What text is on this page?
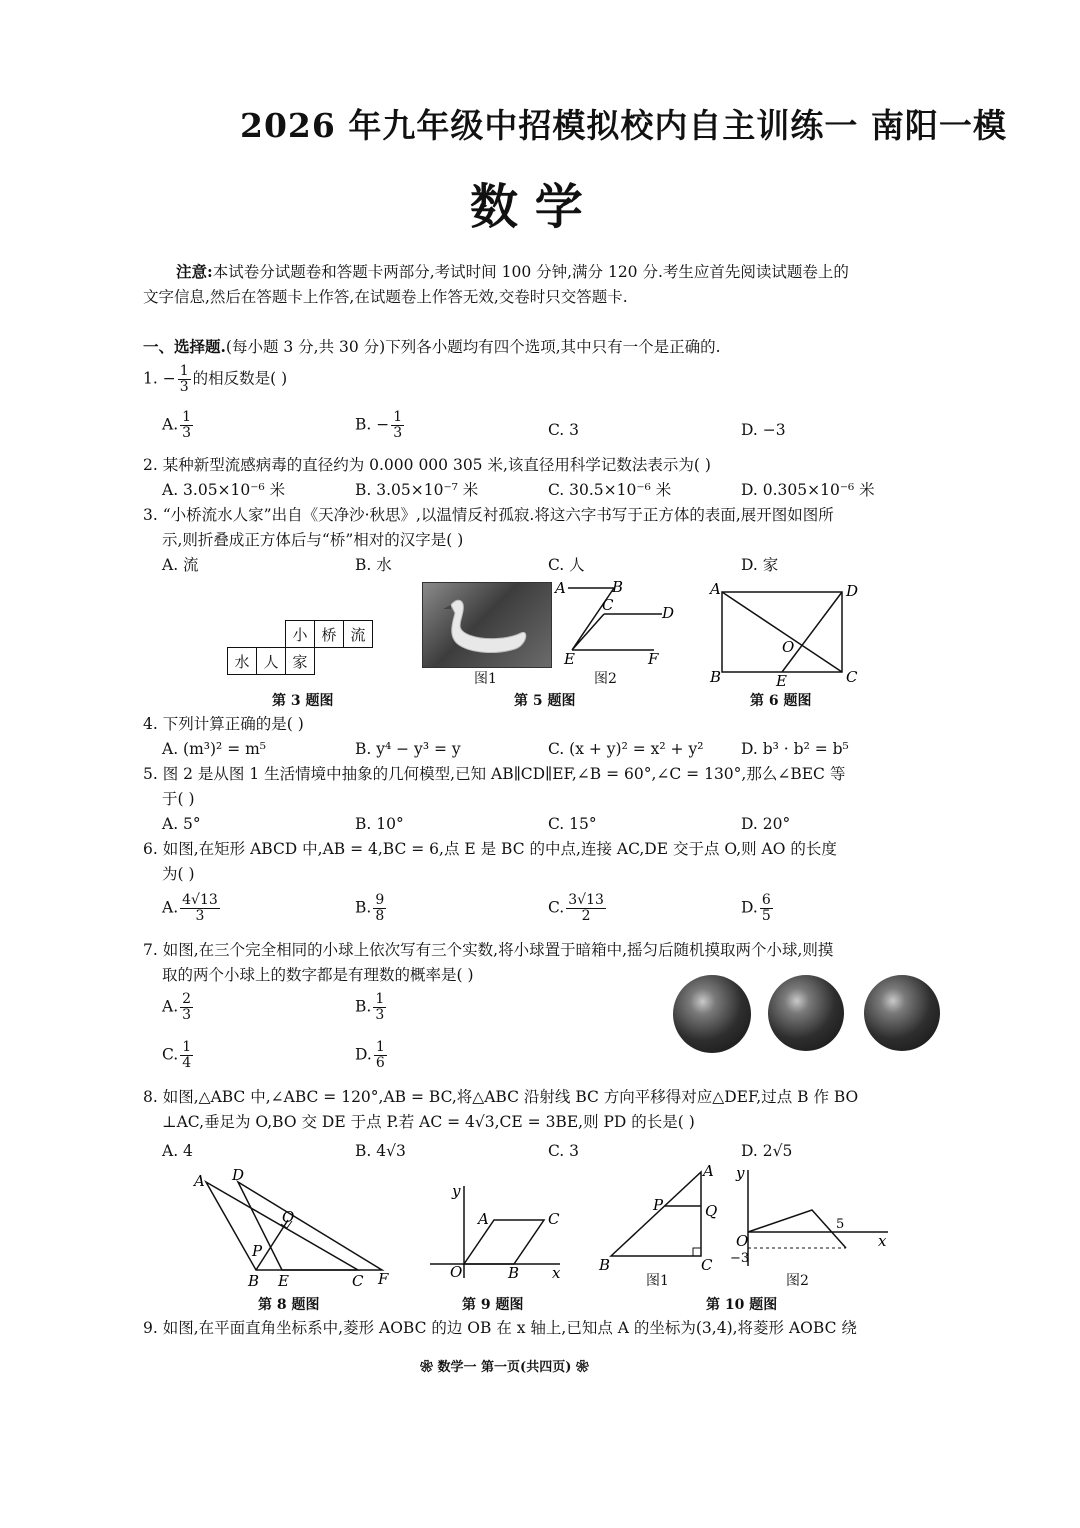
2026 年九年级中招模拟校内自主训练一 南阳一模
数 学
注意:本试卷分试题卷和答题卡两部分,考试时间 100 分钟,满分 120 分.考生应首先阅读试题卷上的
文字信息,然后在答题卡上作答,在试题卷上作答无效,交卷时只交答题卡.
一、选择题.(每小题 3 分,共 30 分)下列各小题均有四个选项,其中只有一个是正确的.
1. − $\frac{1}{3}$ 的相反数是( )
A. $\frac{1}{3}$	B. − $\frac{1}{3}$	C. 3	D. −3
2. 某种新型流感病毒的直径约为 0.000 000 305 米,该直径用科学记数法表示为( )
A. 3.05×10⁻⁶ 米	B. 3.05×10⁻⁷ 米	C. 30.5×10⁻⁶ 米	D. 0.305×10⁻⁶ 米
3. “小桥流水人家”出自《天净沙·秋思》,以温情反衬孤寂.将这六字书写于正方体的表面,展开图如图所
示,则折叠成正方体后与“桥”相对的汉字是( )
A. 流	B. 水	C. 人	D. 家
		小	桥	流
水	人	家		
第 3 题图
图1
A	B
C	D
E	F
图2
第 5 题图
A	D
B	C
E
O
第 6 题图
4. 下列计算正确的是( )
A. (m³)² = m⁵	B. y⁴ − y³ = y	C. (x + y)² = x² + y² D. b³ · b² = b⁵
5. 图 2 是从图 1 生活情境中抽象的几何模型,已知 AB∥CD∥EF,∠B = 60°,∠C = 130°,那么∠BEC 等
于( )
A. 5°	B. 10°	C. 15°	D. 20°
6. 如图,在矩形 ABCD 中,AB = 4,BC = 6,点 E 是 BC 的中点,连接 AC,DE 交于点 O,则 AO 的长度
为( )
A. $\frac{4√13}{3}$	B. $\frac{9}{8}$	C. $\frac{3√13}{2}$	D. $\frac{6}{5}$
7. 如图,在三个完全相同的小球上依次写有三个实数,将小球置于暗箱中,摇匀后随机摸取两个小球,则摸
取的两个小球上的数字都是有理数的概率是( )
A. $\frac{2}{3}$	B. $\frac{1}{3}$
C. $\frac{1}{4}$	D. $\frac{1}{6}$
8. 如图,△ABC 中,∠ABC = 120°,AB = BC,将△ABC 沿射线 BC 方向平移得对应△DEF,过点 B 作 BO
⊥AC,垂足为 O,BO 交 DE 于点 P.若 AC = 4√3,CE = 3BE,则 PD 的长是( )
A. 4	B. 4√3	C. 3	D. 2√5
A D
O
P
B E	C F
第 8 题图
y
x
O
A	C
B
第 9 题图
A
P	Q
B	C
图1
y
x
O
5
−3
图2
第 10 题图
9. 如图,在平面直角坐标系中,菱形 AOBC 的边 OB 在 x 轴上,已知点 A 的坐标为(3,4),将菱形 AOBC 绕
❀ 数学一 第一页(共四页) ❀
